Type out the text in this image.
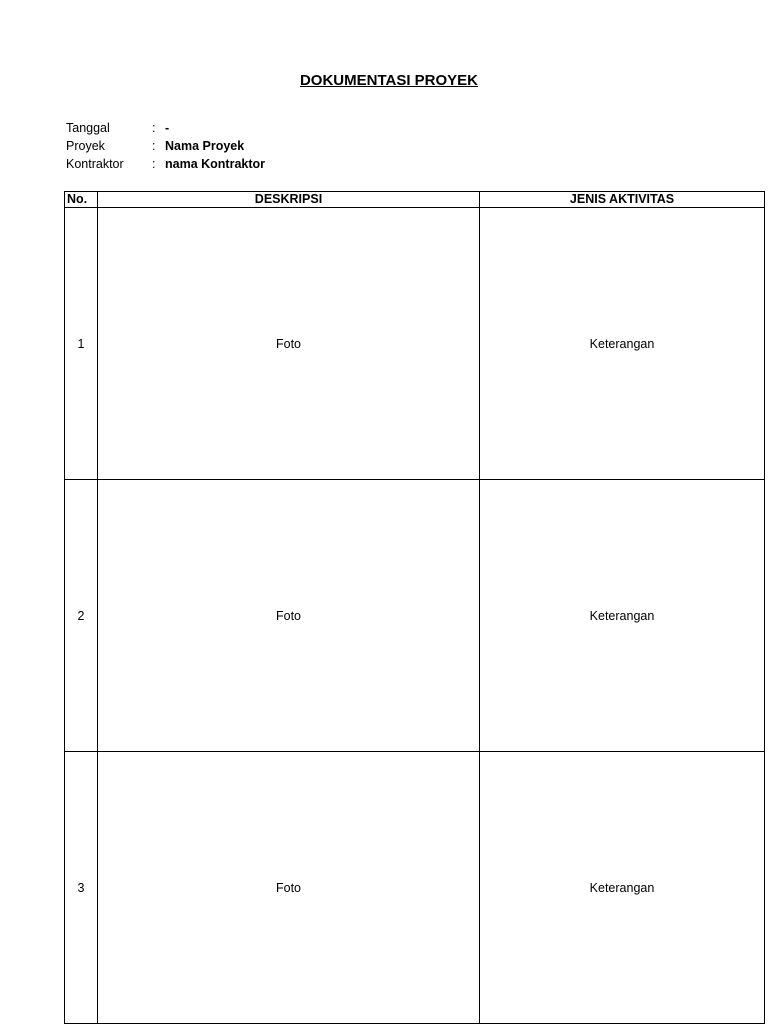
DOKUMENTASI PROYEK
Tanggal	: -
Proyek	: Nama Proyek
Kontraktor	: nama Kontraktor
No.	DESKRIPSI	JENIS AKTIVITAS
1	Foto	Keterangan
2	Foto	Keterangan
3	Foto	Keterangan
